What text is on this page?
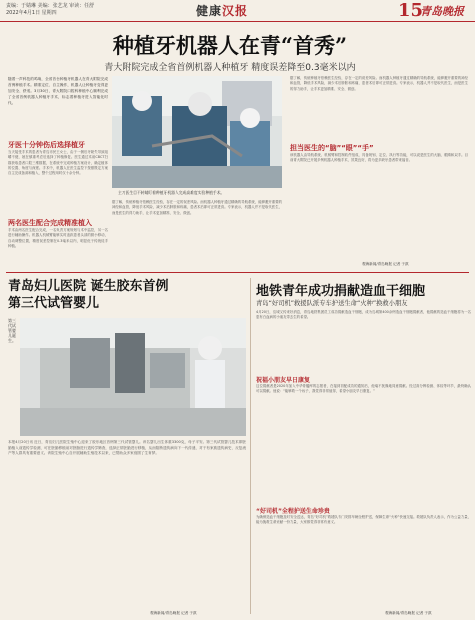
责编：于婧琳 美编：张艺龙 审读：任舒
2022年4月1日 星期四	健康汉报	15
青岛晚报
种植牙机器人在青“首秀”
青大附院完成全省首例机器人种植牙 精度误差降至0.3毫米以内
随着一声科技的鸣响，全省首台种植牙机器人在青大附院完成首例种植手术。精准定位、自主操作，机器人让种植牙变得更加安全、舒适。3月30日，青大附院口腔科种植中心顺利完成了全省首例机器人种植牙手术，标志着种植牙进入智能化时代。
牙医十分钟伤后选择植牙
当天接受手术的患者为青岛市民王女士，由于一侧后牙缺失导致咀嚼不便，她在慎重考虑后选择了种植修复。医生通过术前CBCT扫描获取患者口腔三维数据，在系统中完成种植方案设计，确定植体的位置、角度与深度。手术中，机器人在医生监控下按照既定方案自主完成备洞和植入，整个过程用时仅十余分钟。
两名医生配合完成精准植入
手术由两名医生配合完成，一名负责方案规划与术中监控，另一名进行辅助操作。机器人机械臂能够实时追踪患者头部的微小移动，自动调整位置，精度误差控制在0.3毫米以内，明显优于传统徒手种植。
主刀医生目不转睛盯着种植牙机器人完成高难度实验种植手术。
据了解，传统种植牙依赖医生经验，存在一定的误差风险。而机器人种植牙通过精确的导航系统，能够避开重要的神经和血管，降低手术风险，减少术后肿胀和疼痛，患者术后即可正常进食。专家表示，机器人并不是取代医生，而是医生的得力助手，让手术更加精准、安全、微创。
据了解，传统种植牙依赖医生经验，存在一定的误差风险。而机器人种植牙通过精确的导航系统，能够避开重要的神经和血管，降低手术风险，减少术后肿胀和疼痛，患者术后即可正常进食。专家表示，机器人并不是取代医生，而是医生的得力助手，让手术更加精准、安全、微创。
担当医生的“脑”“眼”“手”
该机器人由导航系统、机械臂和控制软件组成，具备规划、定位、执行等功能，可以说是医生的大脑、眼睛和双手。目前青大附院已开展多例机器人种植手术，效果良好，将为更多缺牙患者带来福音。
观海新闻/青岛晚报 记者 于淇
青岛妇儿医院 诞生胶东首例第三代试管婴儿
第三代试管婴儿诞生。
本报4月20日讯 近日，青岛妇儿医院生殖中心迎来了胶东地区首例第三代试管婴儿。该名婴儿出生体重3300克，母子平安。第三代试管婴儿技术即胚胎植入前遗传学检测，可在胚胎移植前对胚胎进行遗传学筛查，选择正常胚胎进行移植，从而阻断遗传病向下一代传递，对于有家族遗传病史、反复流产等人群具有重要意义。该院生殖中心自开展辅助生殖技术以来，已帮助众多家庭圆了生育梦。
观海新闻/青岛晚报 记者 于淇
地铁青年成功捐献造血干细胞
青岛“好司机”救援队派专车护送生命“火种”换救小朋友
4月20日，岛城又传来好消息，青岛地铁集团员工成功捐献造血干细胞，成为岛城第400余例造血干细胞捐献者，他捐献的造血干细胞将为一名患有白血病的小朋友带去生的希望。
祝福小朋友早日康复
这位捐献者是2020年加入中华骨髓库的志愿者，在接到初配成功的通知后，他毫不犹豫地同意捐献。经过高分辨检测、体检等环节，最终确认可以捐献。他说：“能够救一个孩子，我觉得非常值得，希望小朋友早日康复。”
“好司机”全程护送生命珍贵
为确保造血干细胞及时安全送达，青岛“好司机”救援队专门安排车辆全程护送，保障生命“火种”快速交接。救援队负责人表示，作为公益力量，能为挽救生命贡献一份力量，大家都觉得非常有意义。
观海新闻/青岛晚报 记者 于淇
